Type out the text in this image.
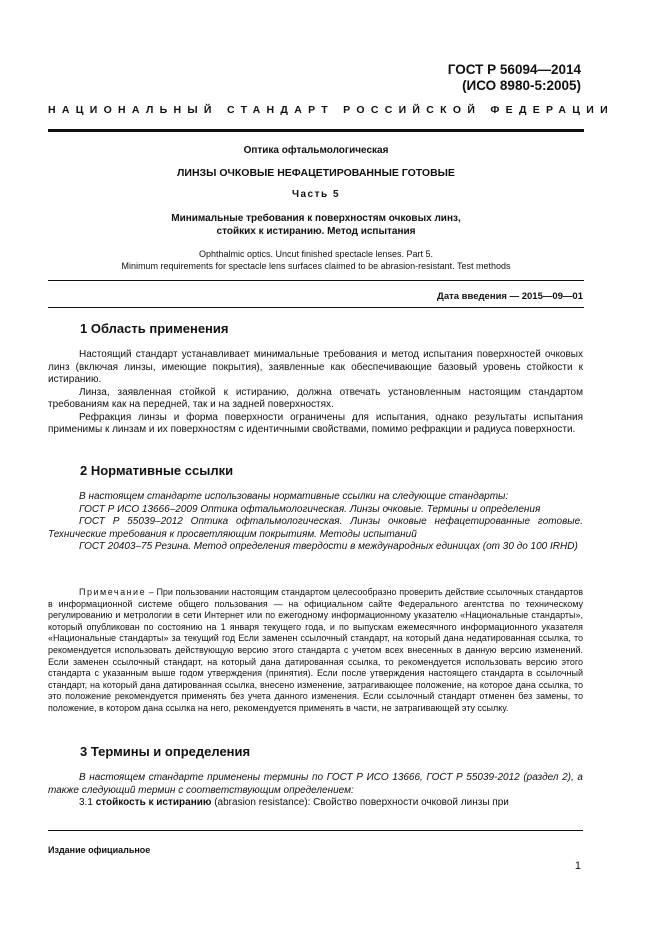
ГОСТ Р 56094—2014
(ИСО 8980-5:2005)
НАЦИОНАЛЬНЫЙ СТАНДАРТ РОССИЙСКОЙ ФЕДЕРАЦИИ
Оптика офтальмологическая
ЛИНЗЫ ОЧКОВЫЕ НЕФАЦЕТИРОВАННЫЕ ГОТОВЫЕ
Часть 5
Минимальные требования к поверхностям очковых линз,
стойких к истиранию. Метод испытания
Ophthalmic optics. Uncut finished spectacle lenses. Part 5.
Minimum requirements for spectacle lens surfaces claimed to be abrasion-resistant. Test methods
Дата введения — 2015—09—01
1 Область применения

Настоящий стандарт устанавливает минимальные требования и метод испытания поверхностей очковых линз (включая линзы, имеющие покрытия), заявленные как обеспечивающие базовый уровень стойкости к истиранию.

Линза, заявленная стойкой к истиранию, должна отвечать установленным настоящим стандартом требованиям как на передней, так и на задней поверхностях.

Рефракция линзы и форма поверхности ограничены для испытания, однако результаты испытания применимы к линзам и их поверхностям с идентичными свойствами, помимо рефракции и радиуса поверхности.

2 Нормативные ссылки

В настоящем стандарте использованы нормативные ссылки на следующие стандарты:

ГОСТ Р ИСО 13666–2009 Оптика офтальмологическая. Линзы очковые. Термины и определения

ГОСТ Р 55039–2012 Оптика офтальмологическая. Линзы очковые нефацетированные готовые. Технические требования к просветляющим покрытиям. Методы испытаний

ГОСТ 20403–75 Резина. Метод определения твердости в международных единицах (от 30 до 100 IRHD)

Примечание – При пользовании настоящим стандартом целесообразно проверить действие ссылочных стандартов в информационной системе общего пользования — на официальном сайте Федерального агентства по техническому регулированию и метрологии в сети Интернет или по ежегодному информационному указателю «Национальные стандарты», который опубликован по состоянию на 1 января текущего года, и по выпускам ежемесячного информационного указателя «Национальные стандарты» за текущий год Если заменен ссылочный стандарт, на который дана недатированная ссылка, то рекомендуется использовать действующую версию этого стандарта с учетом всех внесенных в данную версию изменений. Если заменен ссылочный стандарт, на который дана датированная ссылка, то рекомендуется использовать версию этого стандарта с указанным выше годом утверждения (принятия). Если после утверждения настоящего стандарта в ссылочный стандарт, на который дана датированная ссылка, внесено изменение, затрагивающее положение, на которое дана ссылка, то это положение рекомендуется применять без учета данного изменения. Если ссылочный стандарт отменен без замены, то положение, в котором дана ссылка на него, рекомендуется применять в части, не затрагивающей эту ссылку.

3 Термины и определения

В настоящем стандарте применены термины по ГОСТ Р ИСО 13666, ГОСТ Р 55039-2012 (раздел 2), а также следующий термин с соответствующим определением:

3.1 стойкость к истиранию (abrasion resistance): Свойство поверхности очковой линзы при

Издание официальное
1
